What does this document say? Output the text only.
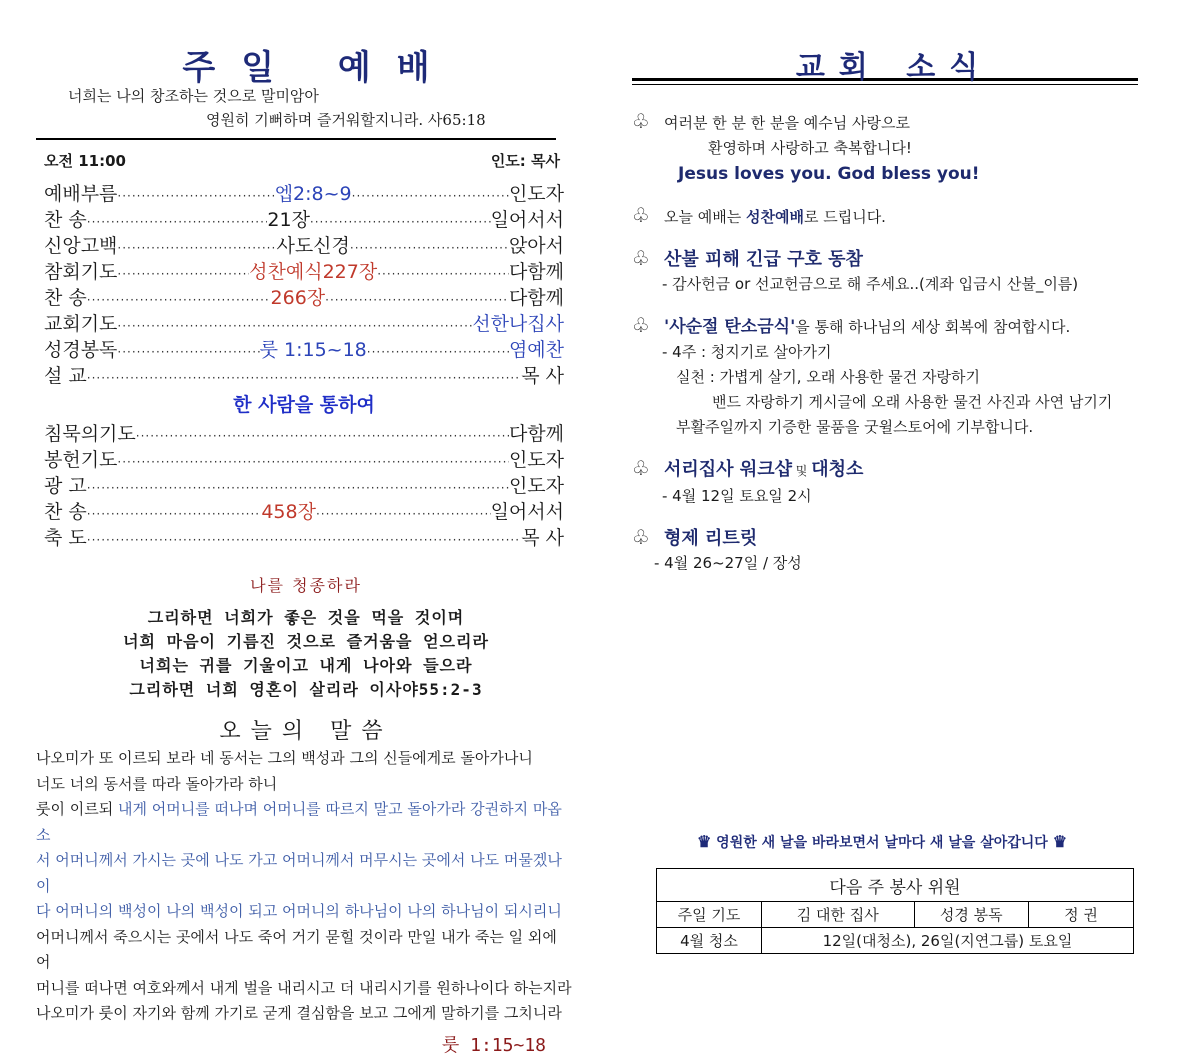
주일 예배
너희는 나의 창조하는 것으로 말미암아
영원히 기뻐하며 즐거워할지니라. 사65:18
오전 11:00	인도: 목사
예배부름 ·····	엡2:8~9 ·····	인도자
찬 송 ·····	21장 ·····	일어서서
신앙고백 ·····	사도신경 ·····	앉아서
참회기도 ·····	성찬예식227장 ·····	다함께
찬 송 ·····	266장 ·····	다함께
교회기도 ·····	선한나집사
성경봉독 ·····	룻 1:15~18 ·····	염예찬
설 교 ·····	목 사
한 사람을 통하여
침묵의기도 ·····	다함께
봉헌기도 ·····	인도자
광 고 ·····	인도자
찬 송 ·····	458장 ·····	일어서서
축 도 ·····	목 사
나를 청종하라
그리하면 너희가 좋은 것을 먹을 것이며
너희 마음이 기름진 것으로 즐거움을 얻으리라
너희는 귀를 기울이고 내게 나아와 들으라
그리하면 너희 영혼이 살리라 이사야55:2-3
오늘의 말씀
나오미가 또 이르되 보라 네 동서는 그의 백성과 그의 신들에게로 돌아가나니
너도 너의 동서를 따라 돌아가라 하니
룻이 이르되 내게 어머니를 떠나며 어머니를 따르지 말고 돌아가라 강권하지 마옵소
서 어머니께서 가시는 곳에 나도 가고 어머니께서 머무시는 곳에서 나도 머물겠나이
다 어머니의 백성이 나의 백성이 되고 어머니의 하나님이 나의 하나님이 되시리니
어머니께서 죽으시는 곳에서 나도 죽어 거기 묻힐 것이라 만일 내가 죽는 일 외에 어
머니를 떠나면 여호와께서 내게 벌을 내리시고 더 내리시기를 원하나이다 하는지라
나오미가 룻이 자기와 함께 가기로 굳게 결심함을 보고 그에게 말하기를 그치니라
룻 1:15~18
교회 소식
♧ 여러분 한 분 한 분을 예수님 사랑으로
환영하며 사랑하고 축복합니다!
Jesus loves you. God bless you!
♧ 오늘 예배는 성찬예배로 드립니다.
♧ 산불 피해 긴급 구호 동참
- 감사헌금 or 선교헌금으로 해 주세요..(계좌 입금시 산불_이름)
♧ '사순절 탄소금식'을 통해 하나님의 세상 회복에 참여합시다.
- 4주 : 청지기로 살아가기
실천 : 가볍게 살기, 오래 사용한 물건 자랑하기
밴드 자랑하기 게시글에 오래 사용한 물건 사진과 사연 남기기
부활주일까지 기증한 물품을 굿윌스토어에 기부합니다.
♧ 서리집사 워크샵 및 대청소
- 4월 12일 토요일 2시
♧ 형제 리트릿
- 4월 26~27일 / 장성
♛ 영원한 새 날을 바라보면서 날마다 새 날을 살아갑니다 ♛
다음 주 봉사 위원			
주일 기도	김 대한 집사	성경 봉독	정 권
4월 청소	12일(대청소), 26일(지연그룹) 토요일		
